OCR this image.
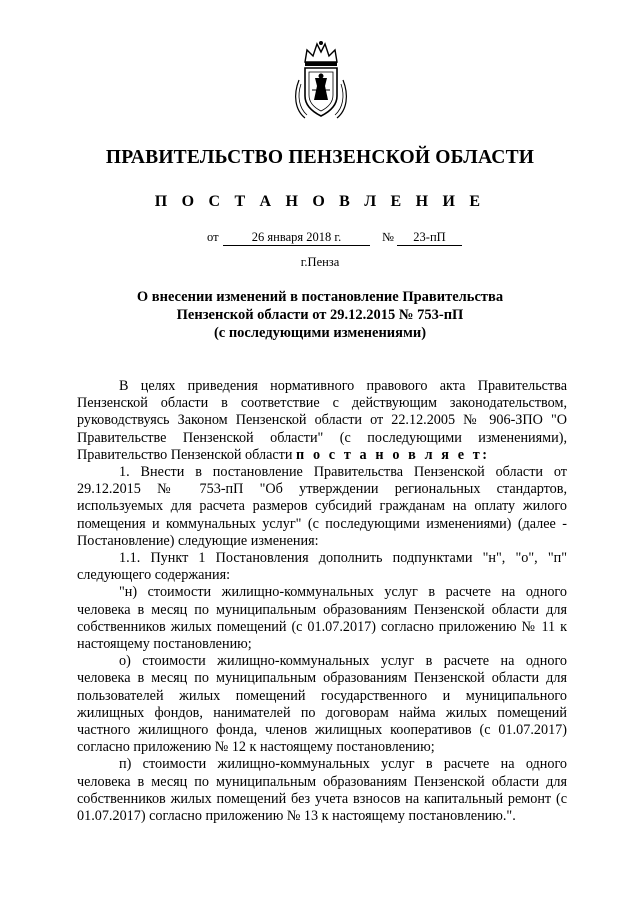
ПРАВИТЕЛЬСТВО ПЕНЗЕНСКОЙ ОБЛАСТИ
П О С Т А Н О В Л Е Н И Е
от	26 января 2018 г.	№	23-пП
г.Пенза
О внесении изменений в постановление Правительства
Пензенской области от 29.12.2015 № 753-пП
(с последующими изменениями)

В целях приведения нормативного правового акта Правительства Пензенской области в соответствие с действующим законодательством, руководствуясь Законом Пензенской области от 22.12.2005 № 906-ЗПО "О Правительстве Пензенской области" (с последующими изменениями), Правительство Пензенской области п о с т а н о в л я е т:

1. Внести в постановление Правительства Пензенской области от 29.12.2015 № 753-пП "Об утверждении региональных стандартов, используемых для расчета размеров субсидий гражданам на оплату жилого помещения и коммунальных услуг" (с последующими изменениями) (далее - Постановление) следующие изменения:

1.1. Пункт 1 Постановления дополнить подпунктами "н", "о", "п" следующего содержания:

"н) стоимости жилищно-коммунальных услуг в расчете на одного человека в месяц по муниципальным образованиям Пензенской области для собственников жилых помещений (с 01.07.2017) согласно приложению № 11 к настоящему постановлению;

о) стоимости жилищно-коммунальных услуг в расчете на одного человека в месяц по муниципальным образованиям Пензенской области для пользователей жилых помещений государственного и муниципального жилищных фондов, нанимателей по договорам найма жилых помещений частного жилищного фонда, членов жилищных кооперативов (с 01.07.2017) согласно приложению № 12 к настоящему постановлению;

п) стоимости жилищно-коммунальных услуг в расчете на одного человека в месяц по муниципальным образованиям Пензенской области для собственников жилых помещений без учета взносов на капитальный ремонт (с 01.07.2017) согласно приложению № 13 к настоящему постановлению.".
